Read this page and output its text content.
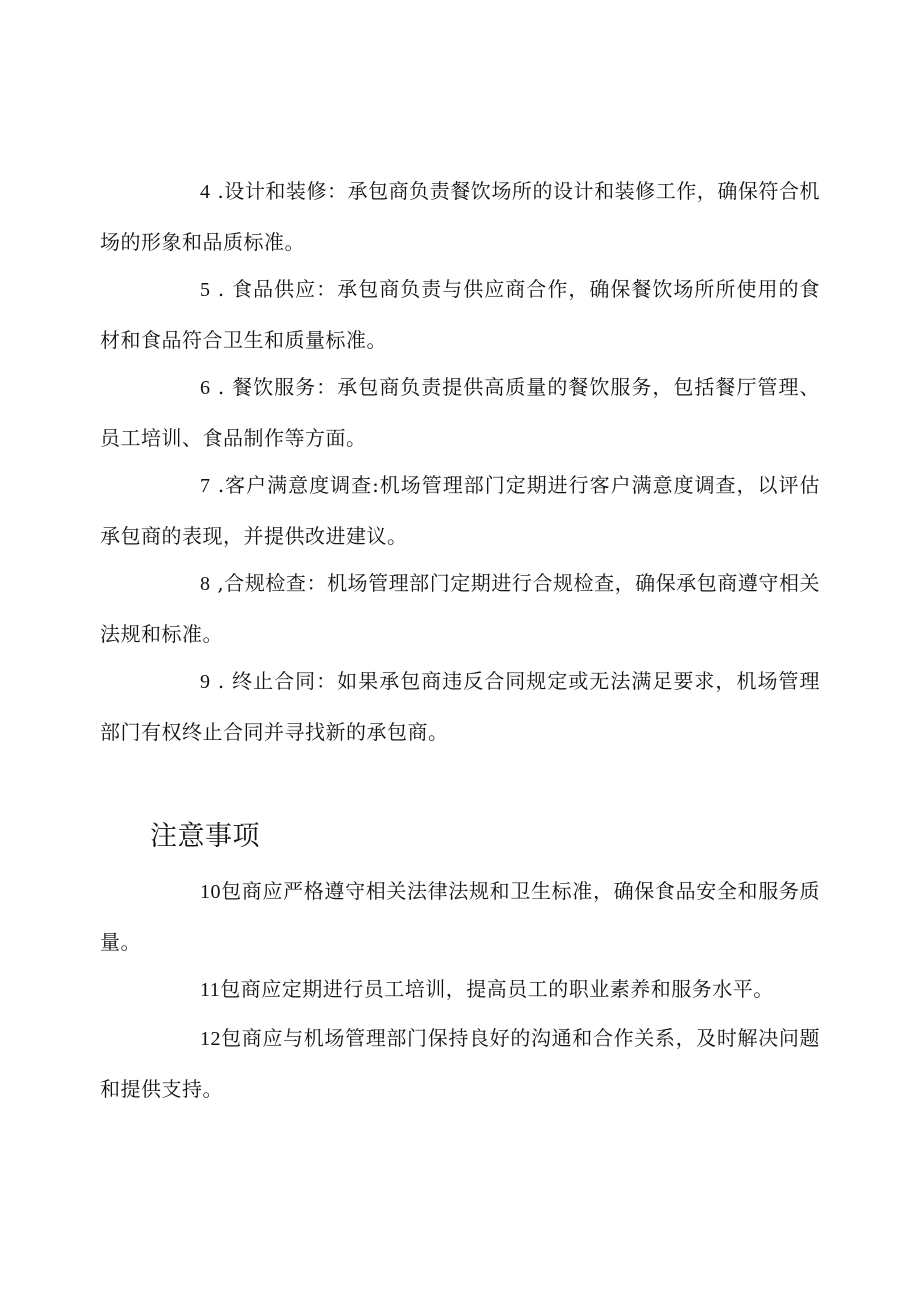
4 .设计和装修：承包商负责餐饮场所的设计和装修工作，确保符合机场的形象和品质标准。

5 . 食品供应：承包商负责与供应商合作，确保餐饮场所所使用的食材和食品符合卫生和质量标准。

6 . 餐饮服务：承包商负责提供高质量的餐饮服务，包括餐厅管理、员工培训、食品制作等方面。

7 .客户满意度调查:机场管理部门定期进行客户满意度调查，以评估承包商的表现，并提供改进建议。

8 ,合规检查：机场管理部门定期进行合规检查，确保承包商遵守相关法规和标准。

9 . 终止合同：如果承包商违反合同规定或无法满足要求，机场管理部门有权终止合同并寻找新的承包商。

注意事项

10包商应严格遵守相关法律法规和卫生标准，确保食品安全和服务质量。

11包商应定期进行员工培训，提高员工的职业素养和服务水平。

12包商应与机场管理部门保持良好的沟通和合作关系，及时解决问题和提供支持。
